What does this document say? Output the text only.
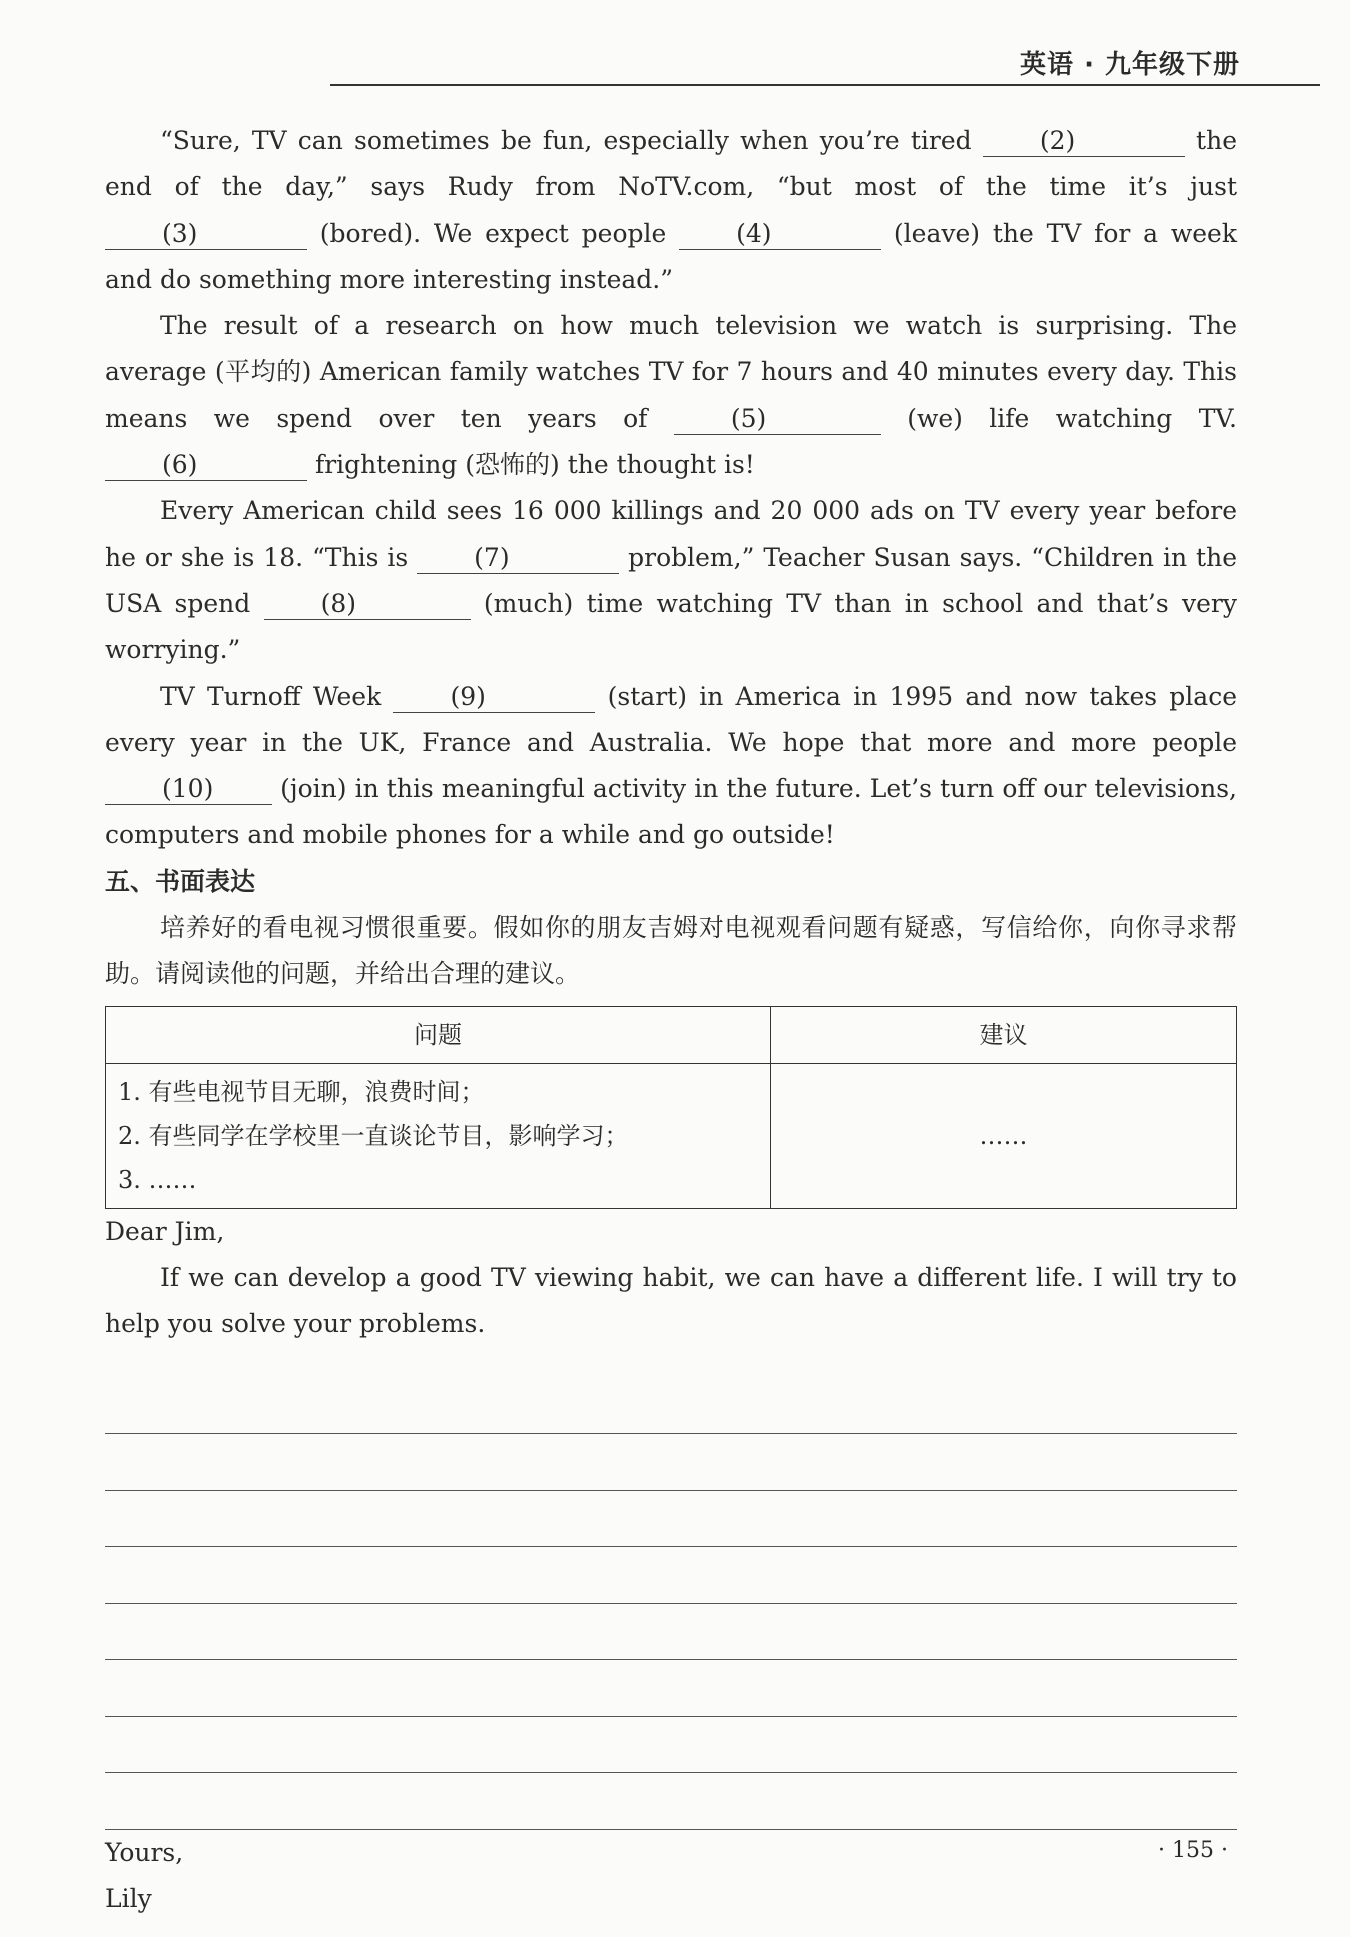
英语 · 九年级下册

“Sure, TV can sometimes be fun, especially when you’re tired (2)	the end of the day,” says Rudy from NoTV.com, “but most of the time it’s just (3)	(bored). We expect people (4)	(leave) the TV for a week and do something more interesting instead.”

The result of a research on how much television we watch is surprising. The average (平均的) American family watches TV for 7 hours and 40 minutes every day. This means we spend over ten years of (5)	(we) life watching TV. (6)	frightening (恐怖的) the thought is!

Every American child sees 16 000 killings and 20 000 ads on TV every year before he or she is 18. “This is (7)	problem,” Teacher Susan says. “Children in the USA spend (8)	(much) time watching TV than in school and that’s very worrying.”

TV Turnoff Week (9)	(start) in America in 1995 and now takes place every year in the UK, France and Australia. We hope that more and more people (10) (join) in this meaningful activity in the future. Let’s turn off our televisions, computers and mobile phones for a while and go outside!

五、书面表达

培养好的看电视习惯很重要。假如你的朋友吉姆对电视观看问题有疑惑，写信给你，向你寻求帮助。请阅读他的问题，并给出合理的建议。

问题	建议

1. 有些电视节目无聊，浪费时间；
2. 有些同学在学校里一直谈论节目，影响学习；
3. ……	……

Dear Jim,

If we can develop a good TV viewing habit, we can have a different life. I will try to help you solve your problems.

Yours,

Lily

· 155 ·
